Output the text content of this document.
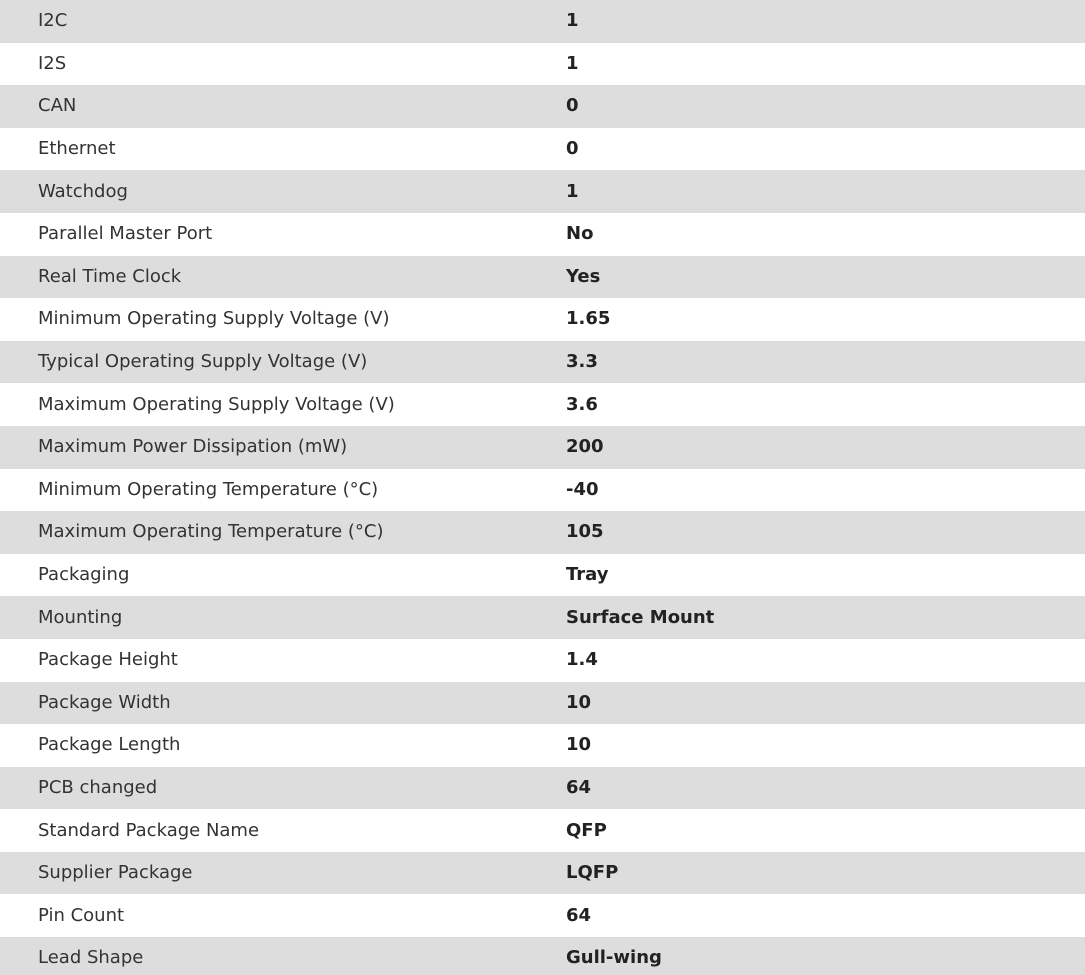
I2C	1
I2S	1
CAN	0
Ethernet	0
Watchdog	1
Parallel Master Port	No
Real Time Clock	Yes
Minimum Operating Supply Voltage (V)	1.65
Typical Operating Supply Voltage (V)	3.3
Maximum Operating Supply Voltage (V)	3.6
Maximum Power Dissipation (mW)	200
Minimum Operating Temperature (°C)	-40
Maximum Operating Temperature (°C)	105
Packaging	Tray
Mounting	Surface Mount
Package Height	1.4
Package Width	10
Package Length	10
PCB changed	64
Standard Package Name	QFP
Supplier Package	LQFP
Pin Count	64
Lead Shape	Gull-wing
